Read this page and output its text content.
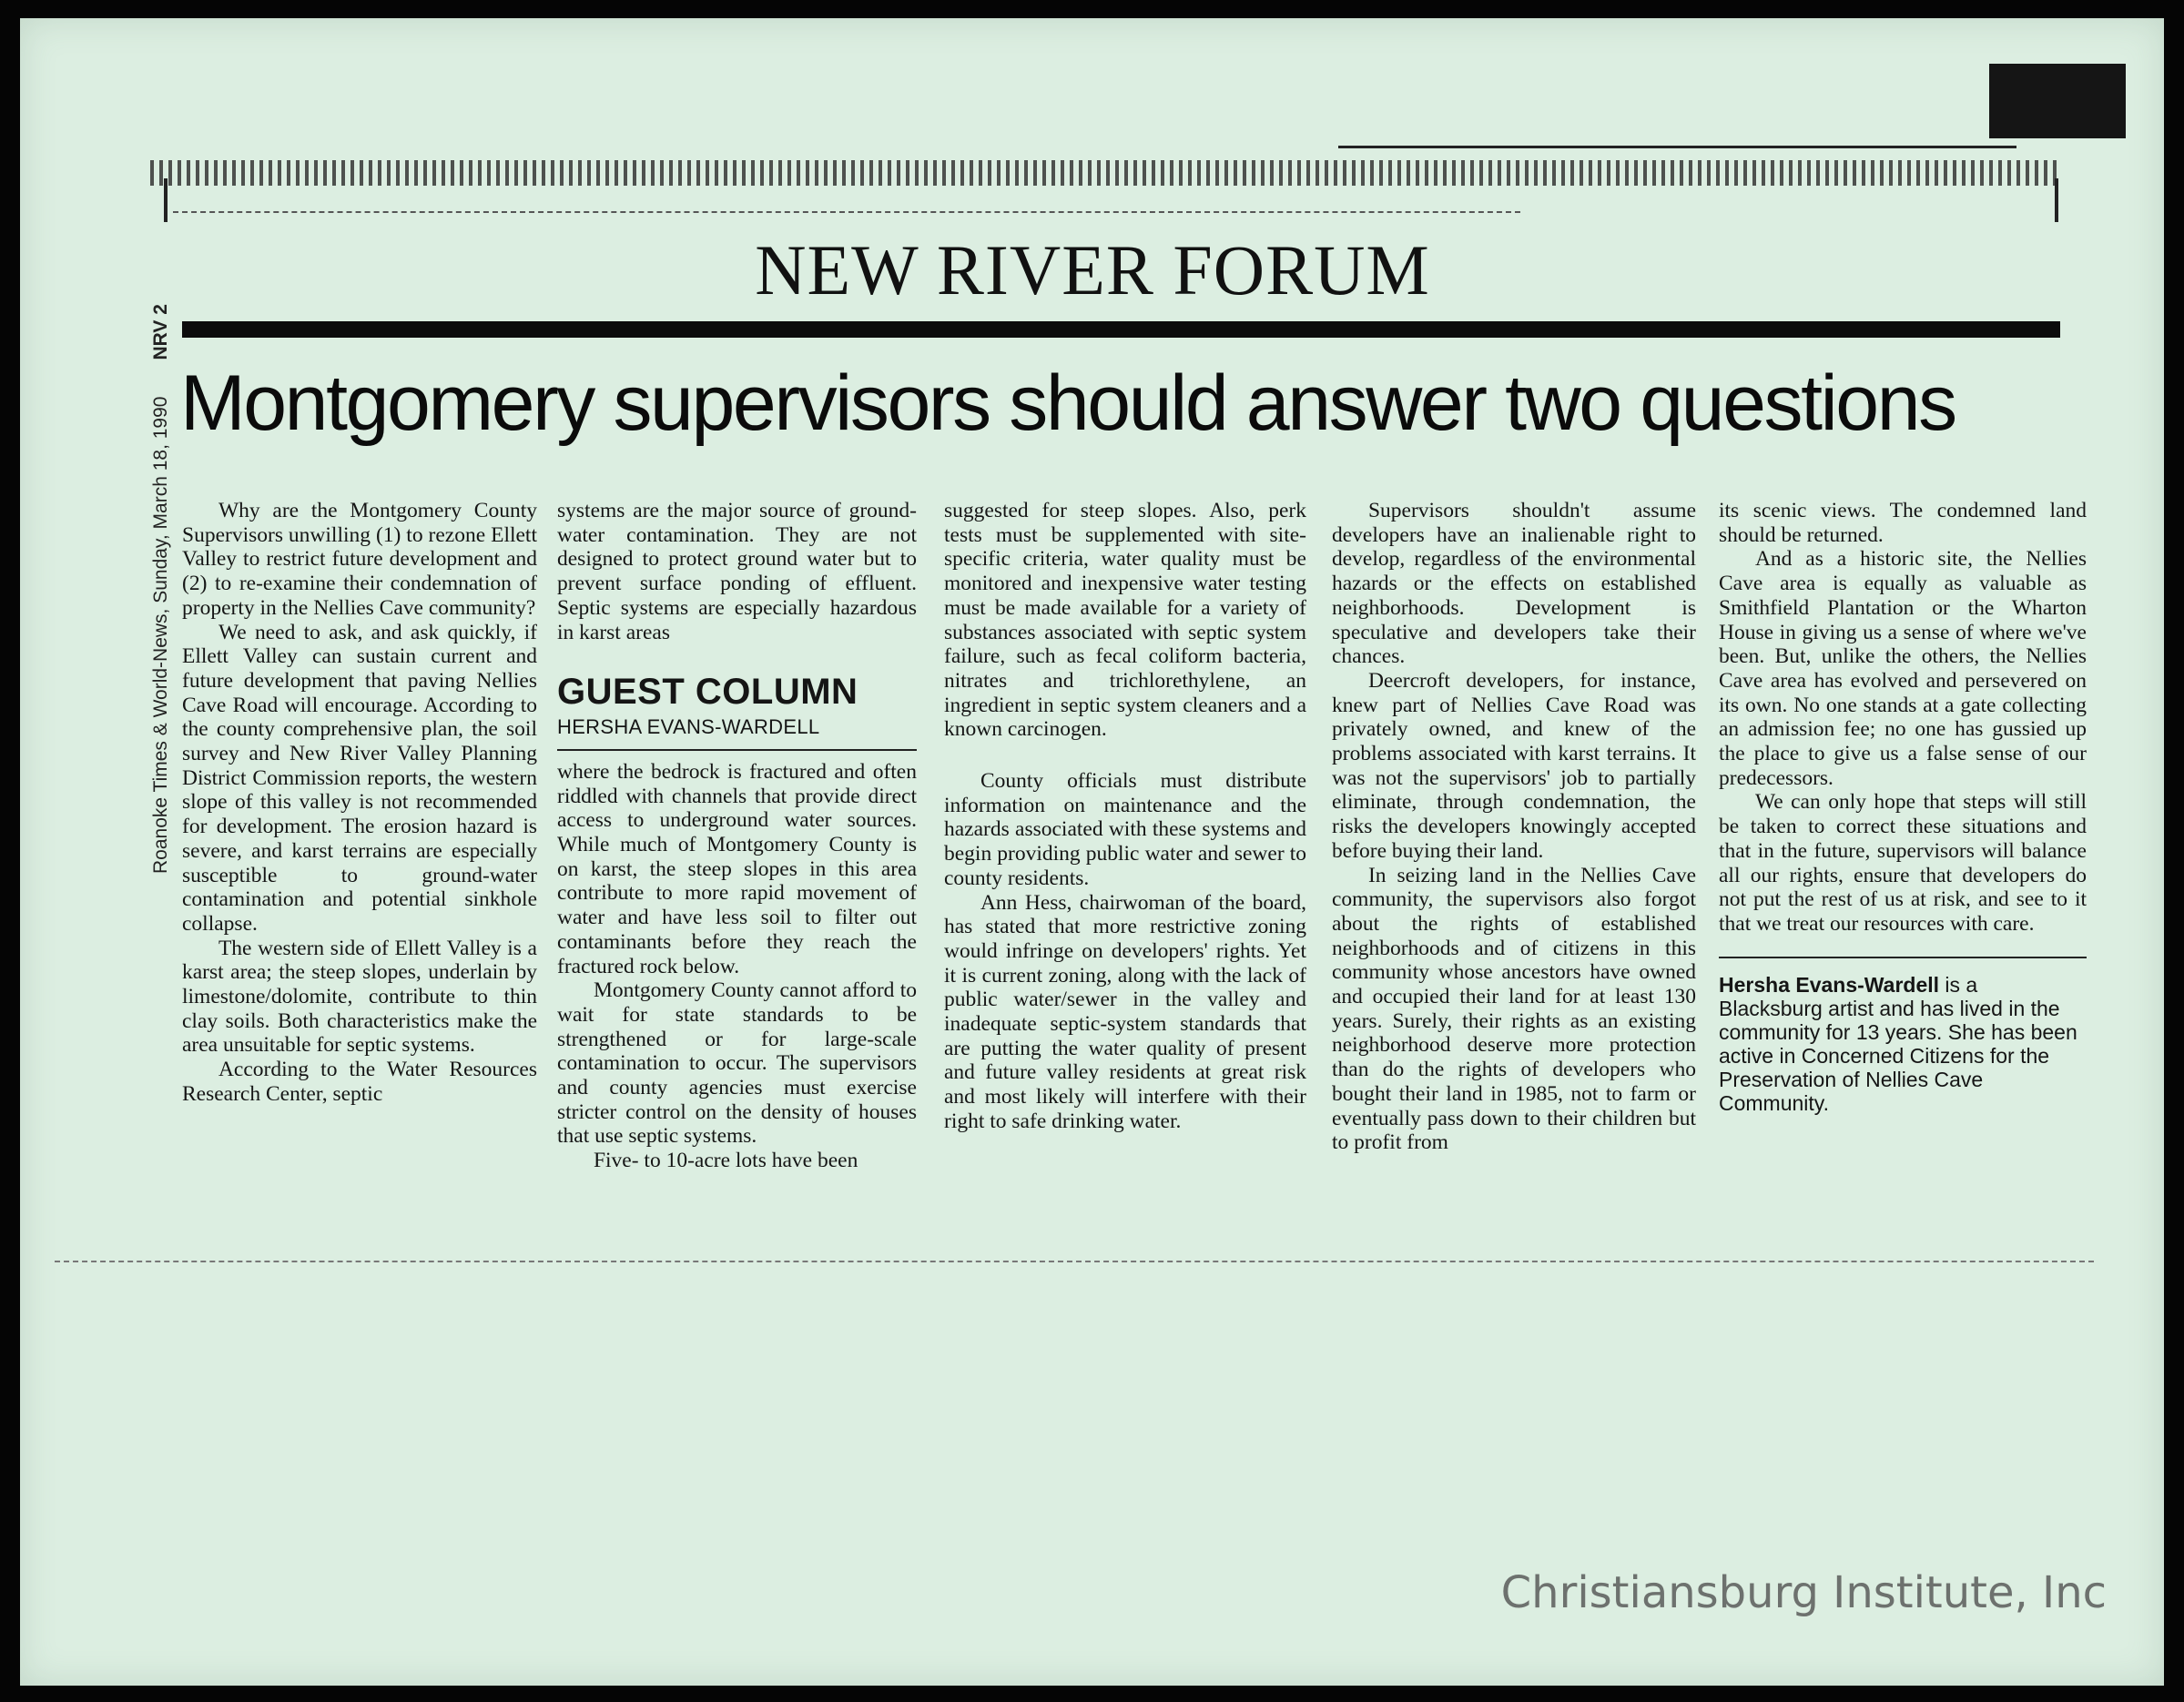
Roanoke Times & World-News, Sunday, March 18, 1990NRV 2
NEW RIVER FORUM
Montgomery supervisors should answer two questions

Why are the Montgomery County Supervisors unwilling (1) to rezone Ellett Valley to restrict future development and (2) to re-examine their condemnation of property in the Nellies Cave community?

We need to ask, and ask quickly, if Ellett Valley can sustain current and future development that paving Nellies Cave Road will encourage. According to the county comprehensive plan, the soil survey and New River Valley Planning District Commission reports, the western slope of this valley is not recommended for development. The erosion hazard is severe, and karst terrains are especially susceptible to ground-water contamination and potential sinkhole collapse.

The western side of Ellett Valley is a karst area; the steep slopes, underlain by limestone/dolomite, contribute to thin clay soils. Both characteristics make the area unsuitable for septic systems.

According to the Water Resources Research Center, septic

systems are the major source of ground-water contamination. They are not designed to protect ground water but to prevent surface ponding of effluent. Septic systems are especially hazardous in karst areas

GUEST COLUMN
HERSHA EVANS-WARDELL

where the bedrock is fractured and often riddled with channels that provide direct access to underground water sources. While much of Montgomery County is on karst, the steep slopes in this area contribute to more rapid movement of water and have less soil to filter out contaminants before they reach the fractured rock below.

Montgomery County cannot afford to wait for state standards to be strengthened or for large-scale contamination to occur. The supervisors and county agencies must exercise stricter control on the density of houses that use septic systems.

Five- to 10-acre lots have been

suggested for steep slopes. Also, perk tests must be supplemented with site-specific criteria, water quality must be monitored and inexpensive water testing must be made available for a variety of substances associated with septic system failure, such as fecal coliform bacteria, nitrates and trichlorethylene, an ingredient in septic system cleaners and a known carcinogen.

County officials must distribute information on maintenance and the hazards associated with these systems and begin providing public water and sewer to county residents.

Ann Hess, chairwoman of the board, has stated that more restrictive zoning would infringe on developers' rights. Yet it is current zoning, along with the lack of public water/sewer in the valley and inadequate septic-system standards that are putting the water quality of present and future valley residents at great risk and most likely will interfere with their right to safe drinking water.

Supervisors shouldn't assume developers have an inalienable right to develop, regardless of the environmental hazards or the effects on established neighborhoods. Development is speculative and developers take their chances.

Deercroft developers, for instance, knew part of Nellies Cave Road was privately owned, and knew of the problems associated with karst terrains. It was not the supervisors' job to partially eliminate, through condemnation, the risks the developers knowingly accepted before buying their land.

In seizing land in the Nellies Cave community, the supervisors also forgot about the rights of established neighborhoods and of citizens in this community whose ancestors have owned and occupied their land for at least 130 years. Surely, their rights as an existing neighborhood deserve more protection than do the rights of developers who bought their land in 1985, not to farm or eventually pass down to their children but to profit from

its scenic views. The condemned land should be returned.

And as a historic site, the Nellies Cave area is equally as valuable as Smithfield Plantation or the Wharton House in giving us a sense of where we've been. But, unlike the others, the Nellies Cave area has evolved and persevered on its own. No one stands at a gate collecting an admission fee; no one has gussied up the place to give us a false sense of our predecessors.

We can only hope that steps will still be taken to correct these situations and that in the future, supervisors will balance all our rights, ensure that developers do not put the rest of us at risk, and see to it that we treat our resources with care.

Hersha Evans-Wardell is a Blacksburg artist and has lived in the community for 13 years. She has been active in Concerned Citizens for the Preservation of Nellies Cave Community.
Christiansburg Institute, Inc
